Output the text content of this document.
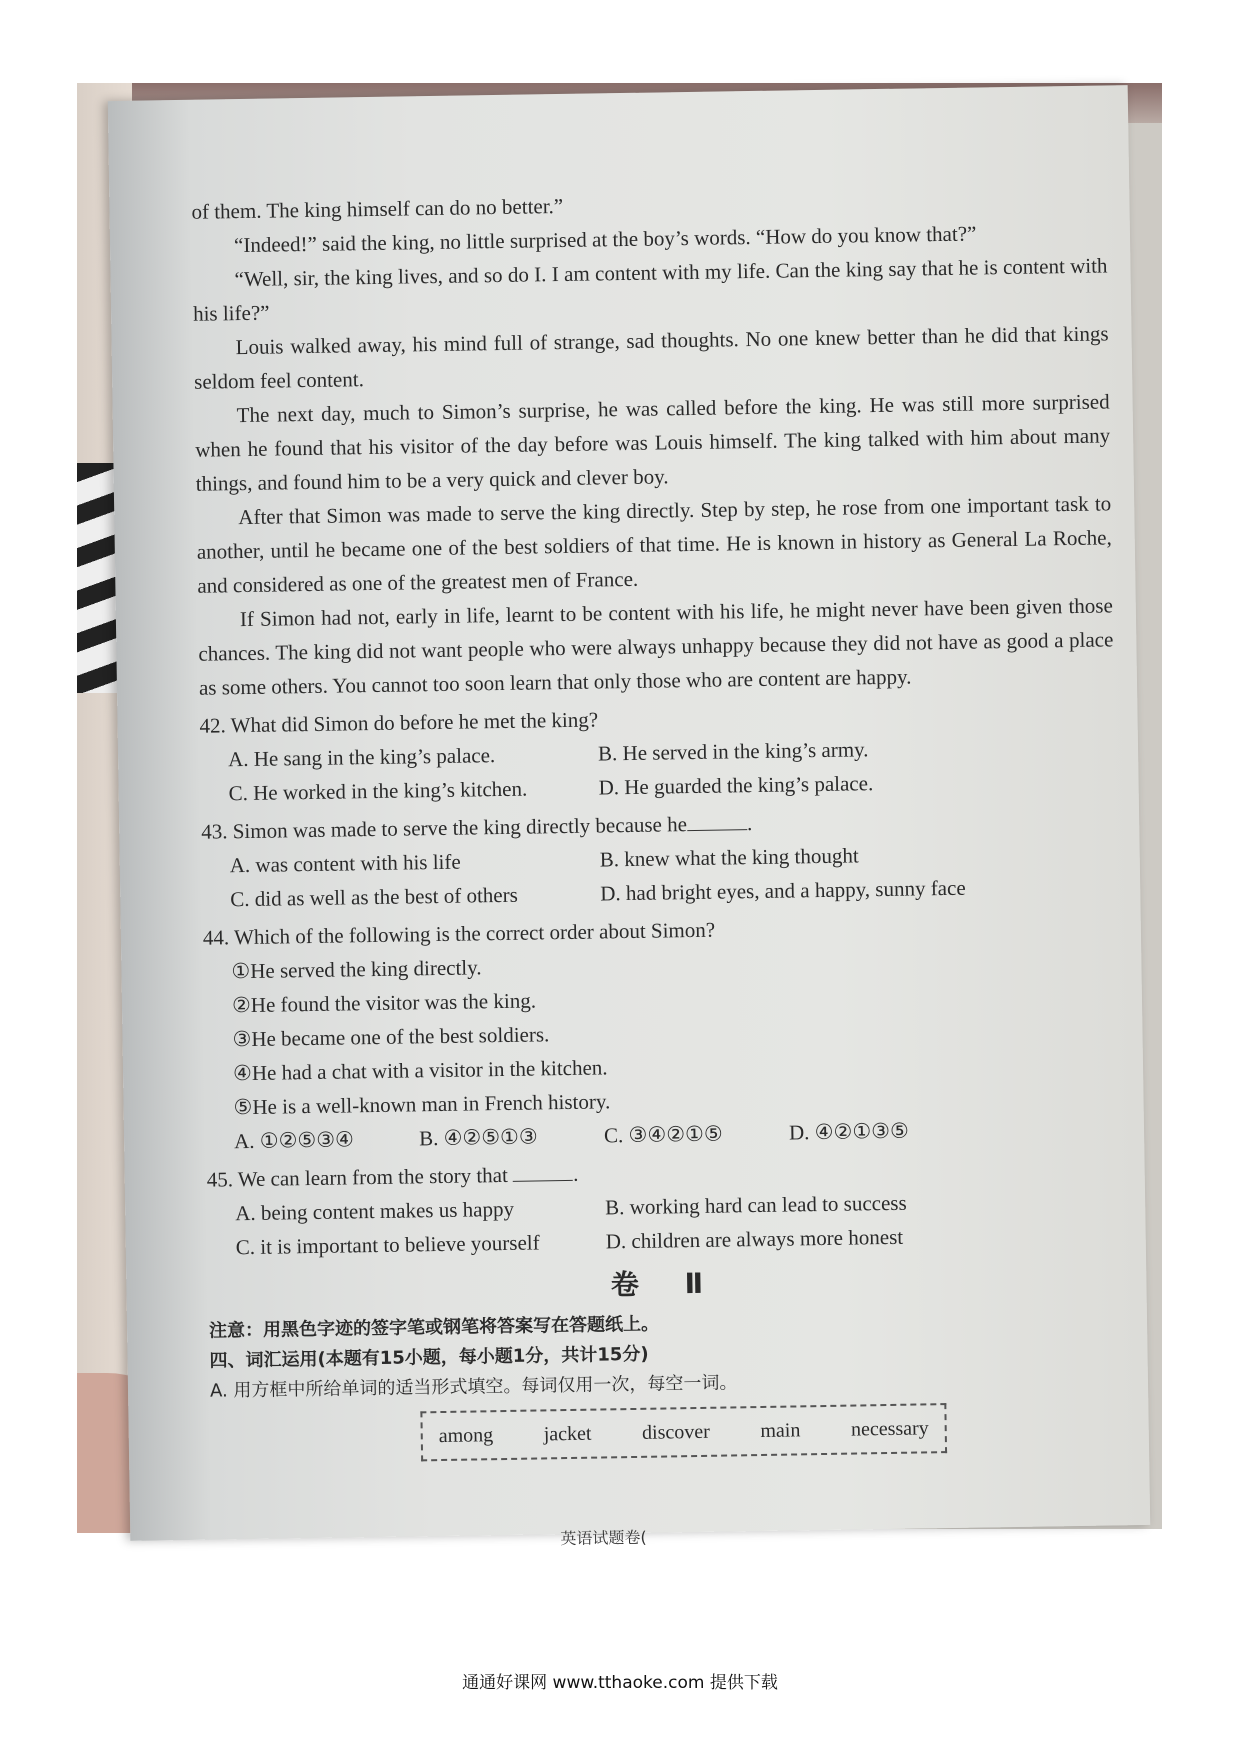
of them. The king himself can do no better.”

“Indeed!” said the king, no little surprised at the boy’s words. “How do you know that?”

“Well, sir, the king lives, and so do I. I am content with my life. Can the king say that he is content with his life?”

Louis walked away, his mind full of strange, sad thoughts. No one knew better than he did that kings seldom feel content.

The next day, much to Simon’s surprise, he was called before the king. He was still more surprised when he found that his visitor of the day before was Louis himself. The king talked with him about many things, and found him to be a very quick and clever boy.

After that Simon was made to serve the king directly. Step by step, he rose from one important task to another, until he became one of the best soldiers of that time. He is known in history as General La Roche, and considered as one of the greatest men of France.

If Simon had not, early in life, learnt to be content with his life, he might never have been given those chances. The king did not want people who were always unhappy because they did not have as good a place as some others. You cannot too soon learn that only those who are content are happy.

42. What did Simon do before he met the king?
A. He sang in the king’s palace.	B. He served in the king’s army.
C. He worked in the king’s kitchen.	D. He guarded the king’s palace.
43. Simon was made to serve the king directly because he	.
A. was content with his life	B. knew what the king thought
C. did as well as the best of others	D. had bright eyes, and a happy, sunny face
44. Which of the following is the correct order about Simon?
①He served the king directly.
②He found the visitor was the king.
③He became one of the best soldiers.
④He had a chat with a visitor in the kitchen.
⑤He is a well-known man in French history.
A. ①②⑤③④	B. ④②⑤①③	C. ③④②①⑤	D. ④②①③⑤
45. We can learn from the story that	.
A. being content makes us happy	B. working hard can lead to success
C. it is important to believe yourself	D. children are always more honest
卷 Ⅱ
注意：用黑色字迹的签字笔或钢笔将答案写在答题纸上。
四、词汇运用(本题有15小题，每小题1分，共计15分)
A. 用方框中所给单词的适当形式填空。每词仅用一次，每空一词。
among	jacket	discover	main	necessary
英语试题卷(
通通好课网 www.tthaoke.com 提供下载
